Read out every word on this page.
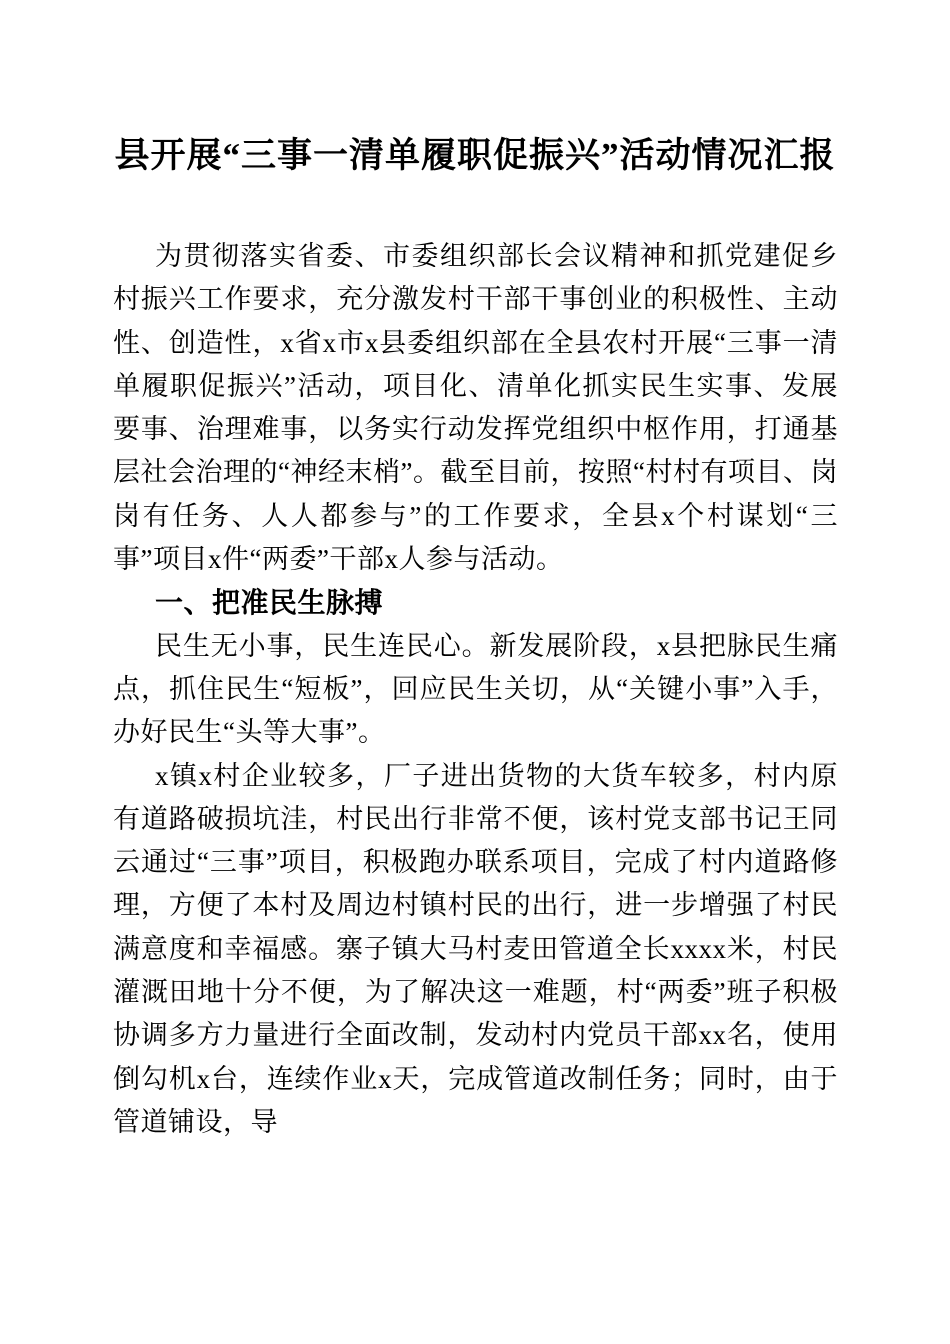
县开展“三事一清单履职促振兴”活动情况汇报

为贯彻落实省委、市委组织部长会议精神和抓党建促乡村振兴工作要求，充分激发村干部干事创业的积极性、主动性、创造性，x省x市x县委组织部在全县农村开展“三事一清单履职促振兴”活动，项目化、清单化抓实民生实事、发展要事、治理难事，以务实行动发挥党组织中枢作用，打通基层社会治理的“神经末梢”。截至目前，按照“村村有项目、岗岗有任务、人人都参与”的工作要求，全县x个村谋划“三事”项目x件“两委”干部x人参与活动。

一、把准民生脉搏

民生无小事，民生连民心。新发展阶段，x县把脉民生痛点，抓住民生“短板”，回应民生关切，从“关键小事”入手，办好民生“头等大事”。

x镇x村企业较多，厂子进出货物的大货车较多，村内原有道路破损坑洼，村民出行非常不便，该村党支部书记王同云通过“三事”项目，积极跑办联系项目，完成了村内道路修理，方便了本村及周边村镇村民的出行，进一步增强了村民满意度和幸福感。寨子镇大马村麦田管道全长xxxx米，村民灌溉田地十分不便，为了解决这一难题，村“两委”班子积极协调多方力量进行全面改制，发动村内党员干部xx名，使用倒勾机x台，连续作业x天，完成管道改制任务；同时，由于管道铺设，导
